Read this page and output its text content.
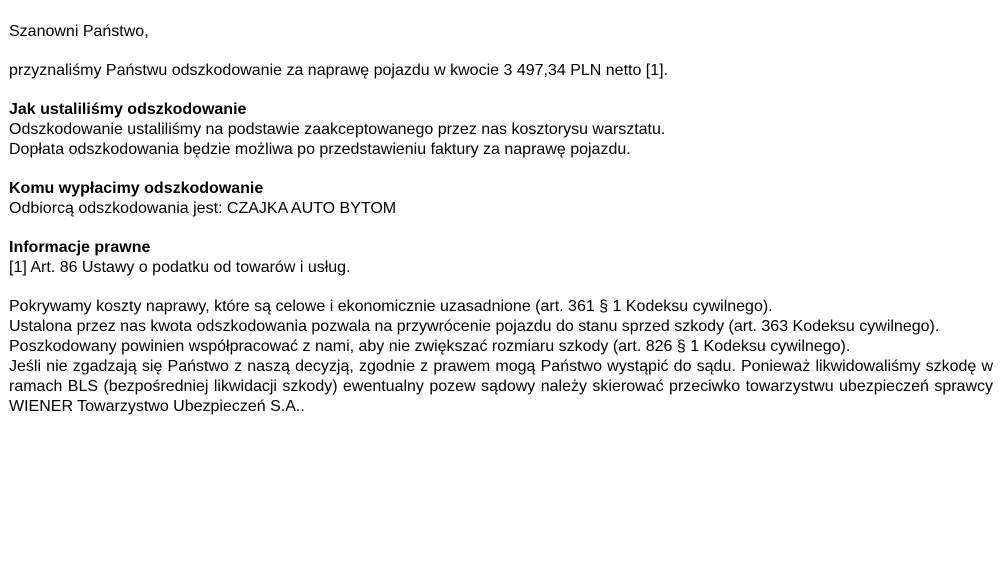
Szanowni Państwo,

przyznaliśmy Państwu odszkodowanie za naprawę pojazdu w kwocie 3 497,34 PLN netto [1].

Jak ustaliliśmy odszkodowanie

Odszkodowanie ustaliliśmy na podstawie zaakceptowanego przez nas kosztorysu warsztatu.

Dopłata odszkodowania będzie możliwa po przedstawieniu faktury za naprawę pojazdu.

Komu wypłacimy odszkodowanie

Odbiorcą odszkodowania jest: CZAJKA AUTO BYTOM

Informacje prawne

[1] Art. 86 Ustawy o podatku od towarów i usług.

Pokrywamy koszty naprawy, które są celowe i ekonomicznie uzasadnione (art. 361 § 1 Kodeksu cywilnego).

Ustalona przez nas kwota odszkodowania pozwala na przywrócenie pojazdu do stanu sprzed szkody (art. 363 Kodeksu cywilnego).

Poszkodowany powinien współpracować z nami, aby nie zwiększać rozmiaru szkody (art. 826 § 1 Kodeksu cywilnego).

Jeśli nie zgadzają się Państwo z naszą decyzją, zgodnie z prawem mogą Państwo wystąpić do sądu. Ponieważ likwidowaliśmy szkodę w ramach BLS (bezpośredniej likwidacji szkody) ewentualny pozew sądowy należy skierować przeciwko towarzystwu ubezpieczeń sprawcy WIENER Towarzystwo Ubezpieczeń S.A..
